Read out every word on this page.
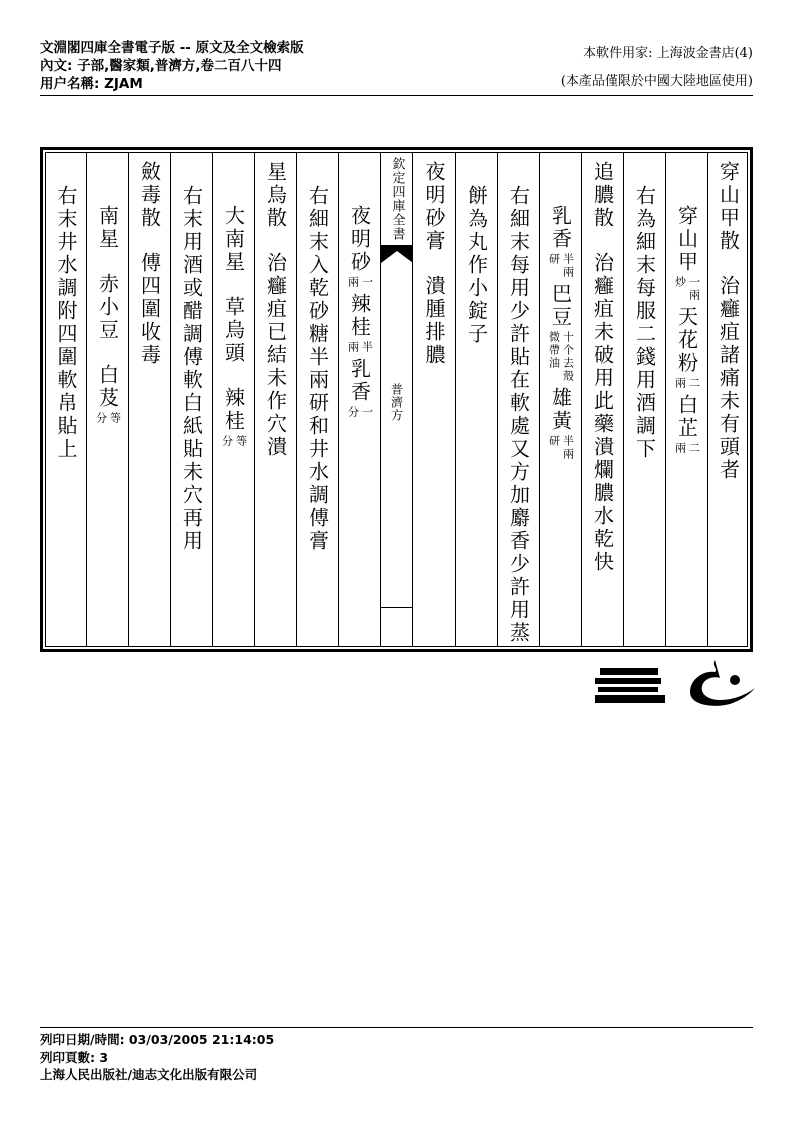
文淵閣四庫全書電子版 -- 原文及全文檢索版
內文: 子部,醫家類,普濟方,卷二百八十四
用户名稱: ZJAM
本軟件用家: 上海波金書店(4)
(本產品僅限於中國大陸地區使用)
欽定四庫全書
普濟方
穿山甲散
治癰疽諸痛未有頭者
穿山甲
一兩
炒
天花粉
二
兩
白芷
二
兩
右為細末每服二錢用酒調下
追膿散
治癰疽未破用此藥潰爛膿水乾快
乳香
半兩
研
巴豆
十个去殼
微帶油
雄黃
半兩
研
右細末每用少許貼在軟處又方加麝香少許用蒸
餅為丸作小錠子
夜明砂膏
潰腫排膿
夜明砂
一
兩
辣桂
半
兩
乳香
一
分
右細末入乾砂糖半兩研和井水調傅膏
星烏散
治癰疽已結未作穴潰
大南星
草烏頭
辣桂
等
分
右末用酒或醋調傅軟白紙貼未穴再用
斂毒散
傅四圍收毒
南星
赤小豆
白芨
等
分
右末井水調附四圍軟帛貼上
列印日期/時間: 03/03/2005 21:14:05
列印頁數: 3
上海人民出版社/迪志文化出版有限公司
